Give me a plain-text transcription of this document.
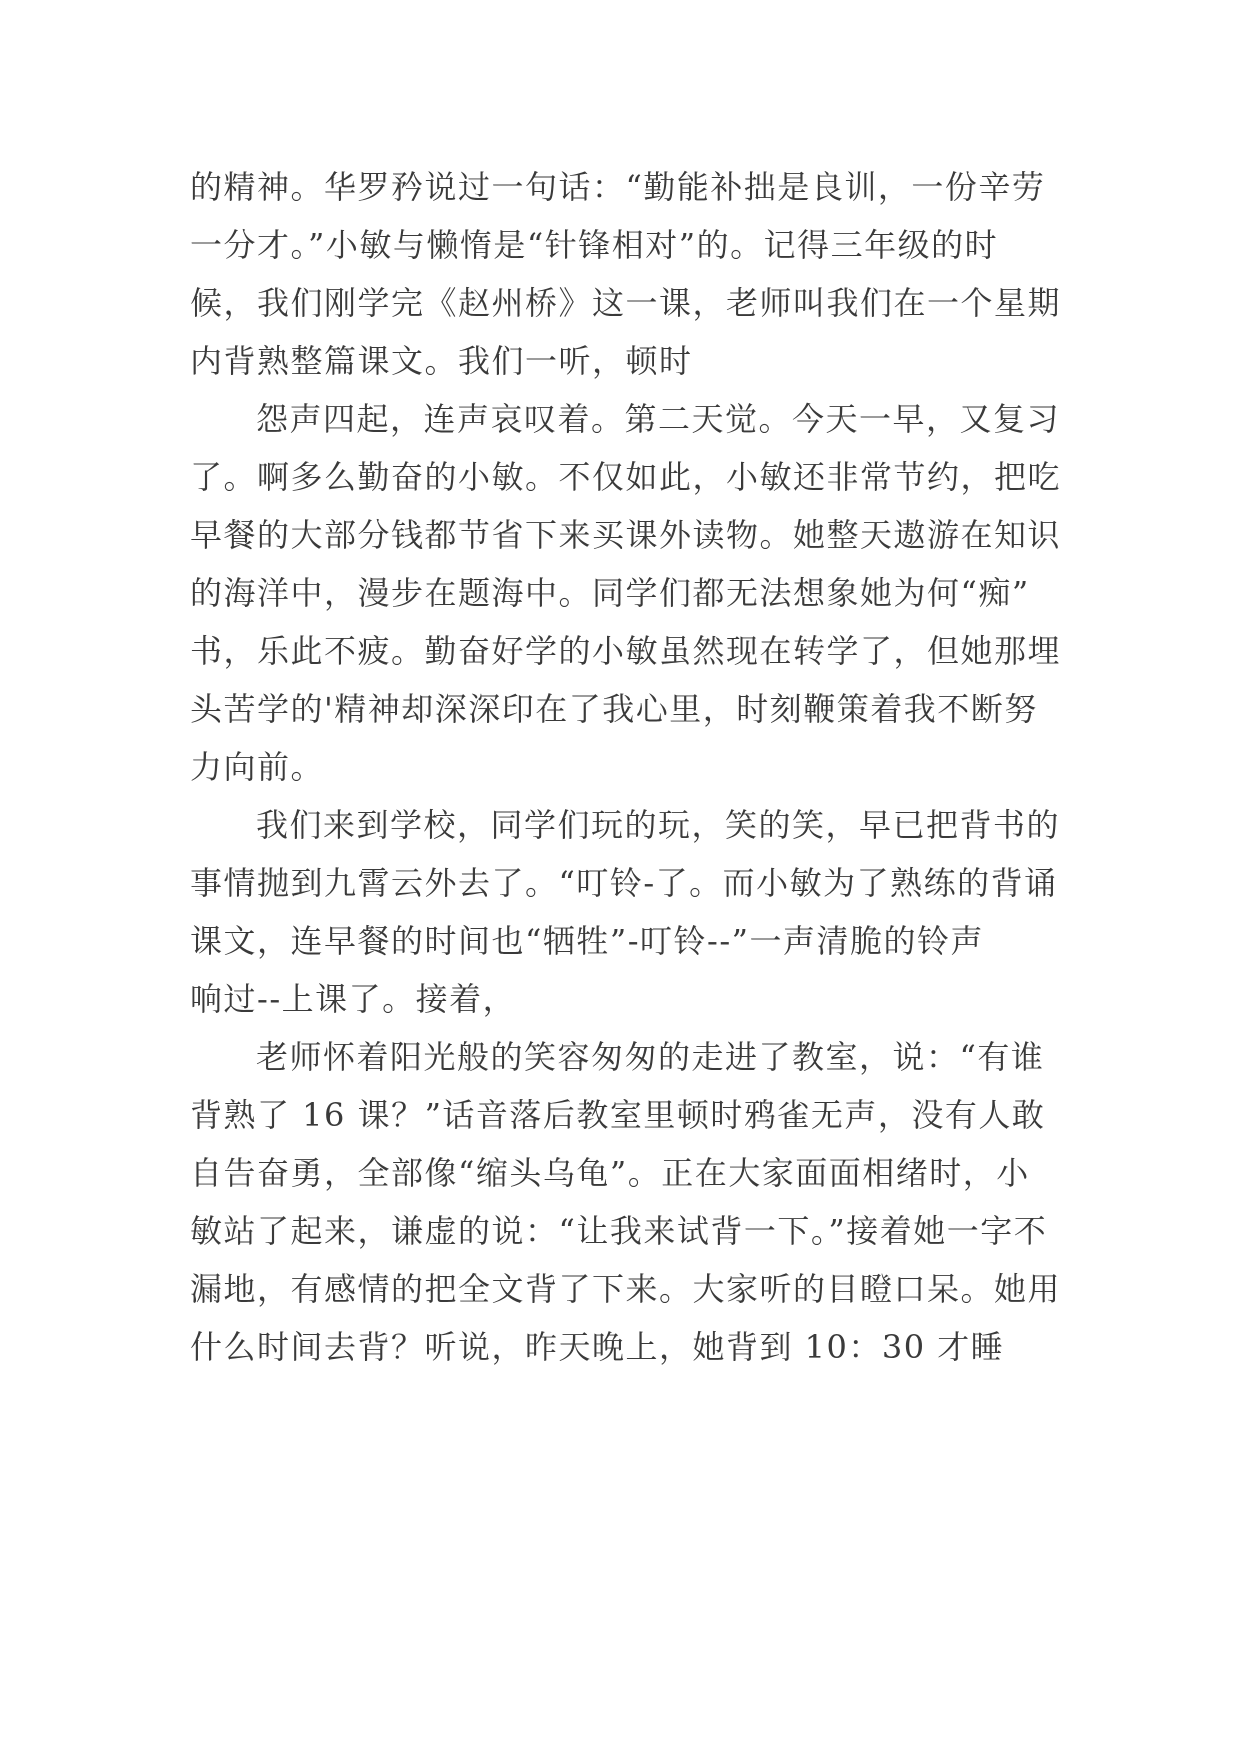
的精神。华罗矜说过一句话：“勤能补拙是良训，一份辛劳
一分才。”小敏与懒惰是“针锋相对”的。记得三年级的时
候，我们刚学完《赵州桥》这一课，老师叫我们在一个星期
内背熟整篇课文。我们一听，顿时
怨声四起，连声哀叹着。第二天觉。今天一早，又复习
了。啊多么勤奋的小敏。不仅如此，小敏还非常节约，把吃
早餐的大部分钱都节省下来买课外读物。她整天遨游在知识
的海洋中，漫步在题海中。同学们都无法想象她为何“痴”
书，乐此不疲。勤奋好学的小敏虽然现在转学了，但她那埋
头苦学的'精神却深深印在了我心里，时刻鞭策着我不断努
力向前。
我们来到学校，同学们玩的玩，笑的笑，早已把背书的
事情抛到九霄云外去了。“叮铃-了。而小敏为了熟练的背诵
课文，连早餐的时间也“牺牲”-叮铃--”一声清脆的铃声
响过--上课了。接着，
老师怀着阳光般的笑容匆匆的走进了教室，说：“有谁
背熟了 16 课？”话音落后教室里顿时鸦雀无声，没有人敢
自告奋勇，全部像“缩头乌龟”。正在大家面面相绪时，小
敏站了起来，谦虚的说：“让我来试背一下。”接着她一字不
漏地，有感情的把全文背了下来。大家听的目瞪口呆。她用
什么时间去背？听说，昨天晚上，她背到 10：30 才睡
